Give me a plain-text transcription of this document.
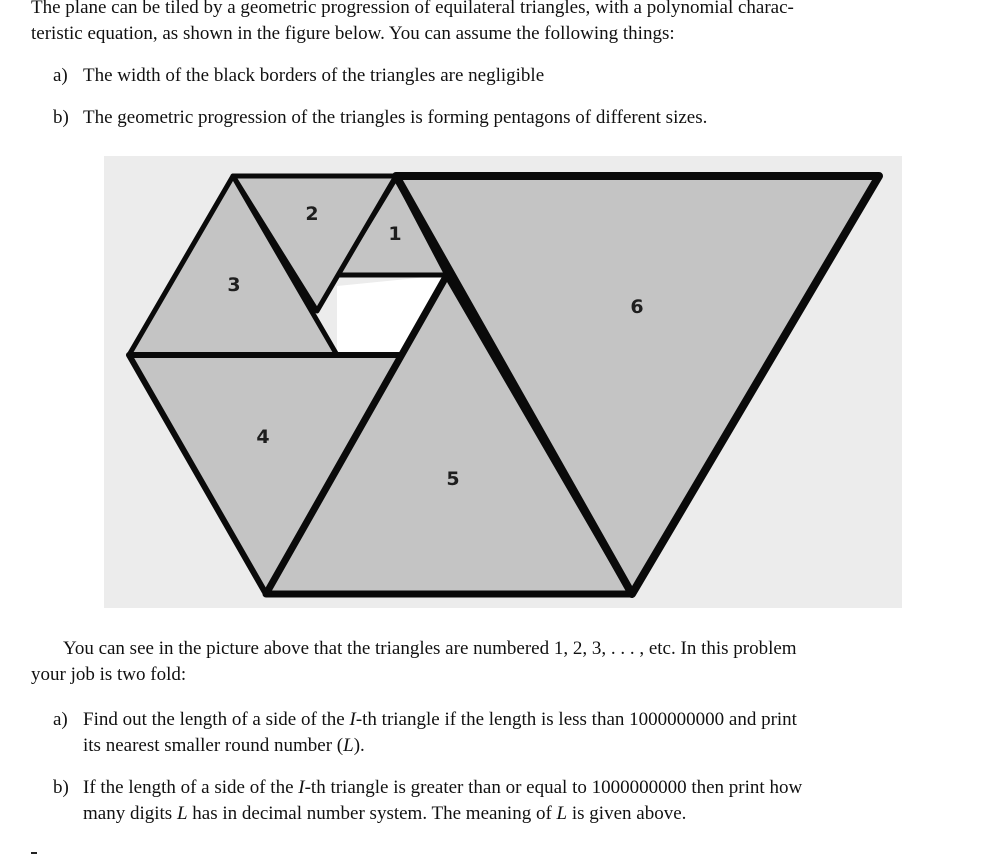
The plane can be tiled by a geometric progression of equilateral triangles, with a polynomial charac-
teristic equation, as shown in the figure below. You can assume the following things:

a) The width of the black borders of the triangles are negligible
b) The geometric progression of the triangles is forming pentagons of different sizes.
1
2
3
4
5
6

You can see in the picture above that the triangles are numbered 1, 2, 3, . . . , etc. In this problem
your job is two fold:

a) Find out the length of a side of the I-th triangle if the length is less than 1000000000 and print
its nearest smaller round number (L).
b) If the length of a side of the I-th triangle is greater than or equal to 1000000000 then print how
many digits L has in decimal number system. The meaning of L is given above.
